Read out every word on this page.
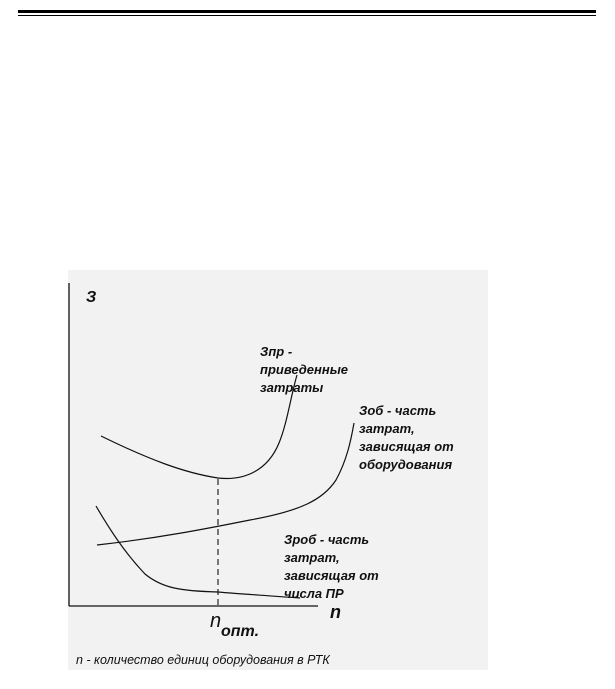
З
n
n опт.
Зпр - приведенные затраты
Зоб - часть затрат, зависящая от оборудования
Зроб - часть затрат, зависящая от числа ПР
n - количество единиц оборудования в РТК
